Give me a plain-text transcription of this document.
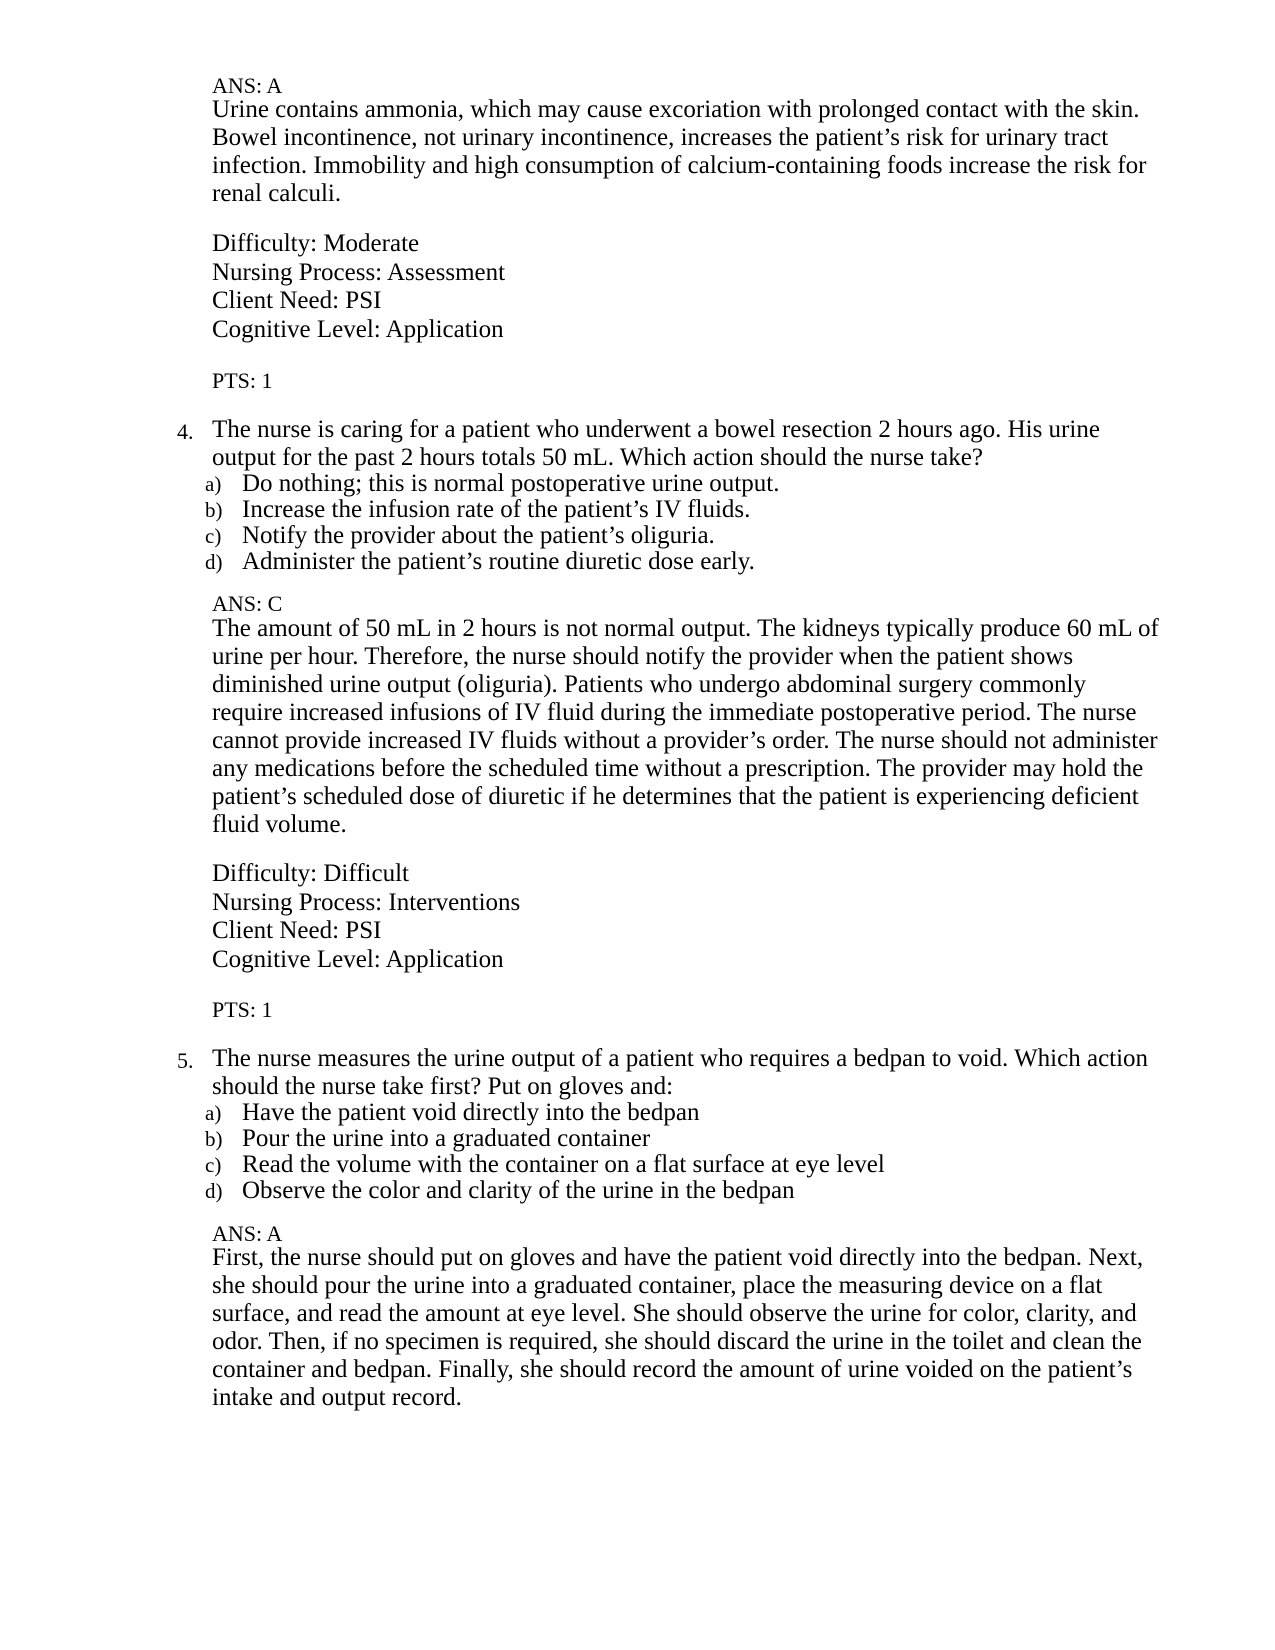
ANS: A
Urine contains ammonia, which may cause excoriation with prolonged contact with the skin.
Bowel incontinence, not urinary incontinence, increases the patient’s risk for urinary tract
infection. Immobility and high consumption of calcium-containing foods increase the risk for
renal calculi.
Difficulty: Moderate
Nursing Process: Assessment
Client Need: PSI
Cognitive Level: Application
PTS: 1
4. The nurse is caring for a patient who underwent a bowel resection 2 hours ago. His urine
output for the past 2 hours totals 50 mL. Which action should the nurse take?
a) Do nothing; this is normal postoperative urine output.
b) Increase the infusion rate of the patient’s IV fluids.
c) Notify the provider about the patient’s oliguria.
d) Administer the patient’s routine diuretic dose early.
ANS: C
The amount of 50 mL in 2 hours is not normal output. The kidneys typically produce 60 mL of
urine per hour. Therefore, the nurse should notify the provider when the patient shows
diminished urine output (oliguria). Patients who undergo abdominal surgery commonly
require increased infusions of IV fluid during the immediate postoperative period. The nurse
cannot provide increased IV fluids without a provider’s order. The nurse should not administer
any medications before the scheduled time without a prescription. The provider may hold the
patient’s scheduled dose of diuretic if he determines that the patient is experiencing deficient
fluid volume.
Difficulty: Difficult
Nursing Process: Interventions
Client Need: PSI
Cognitive Level: Application
PTS: 1
5. The nurse measures the urine output of a patient who requires a bedpan to void. Which action
should the nurse take first? Put on gloves and:
a) Have the patient void directly into the bedpan
b) Pour the urine into a graduated container
c) Read the volume with the container on a flat surface at eye level
d) Observe the color and clarity of the urine in the bedpan
ANS: A
First, the nurse should put on gloves and have the patient void directly into the bedpan. Next,
she should pour the urine into a graduated container, place the measuring device on a flat
surface, and read the amount at eye level. She should observe the urine for color, clarity, and
odor. Then, if no specimen is required, she should discard the urine in the toilet and clean the
container and bedpan. Finally, she should record the amount of urine voided on the patient’s
intake and output record.
